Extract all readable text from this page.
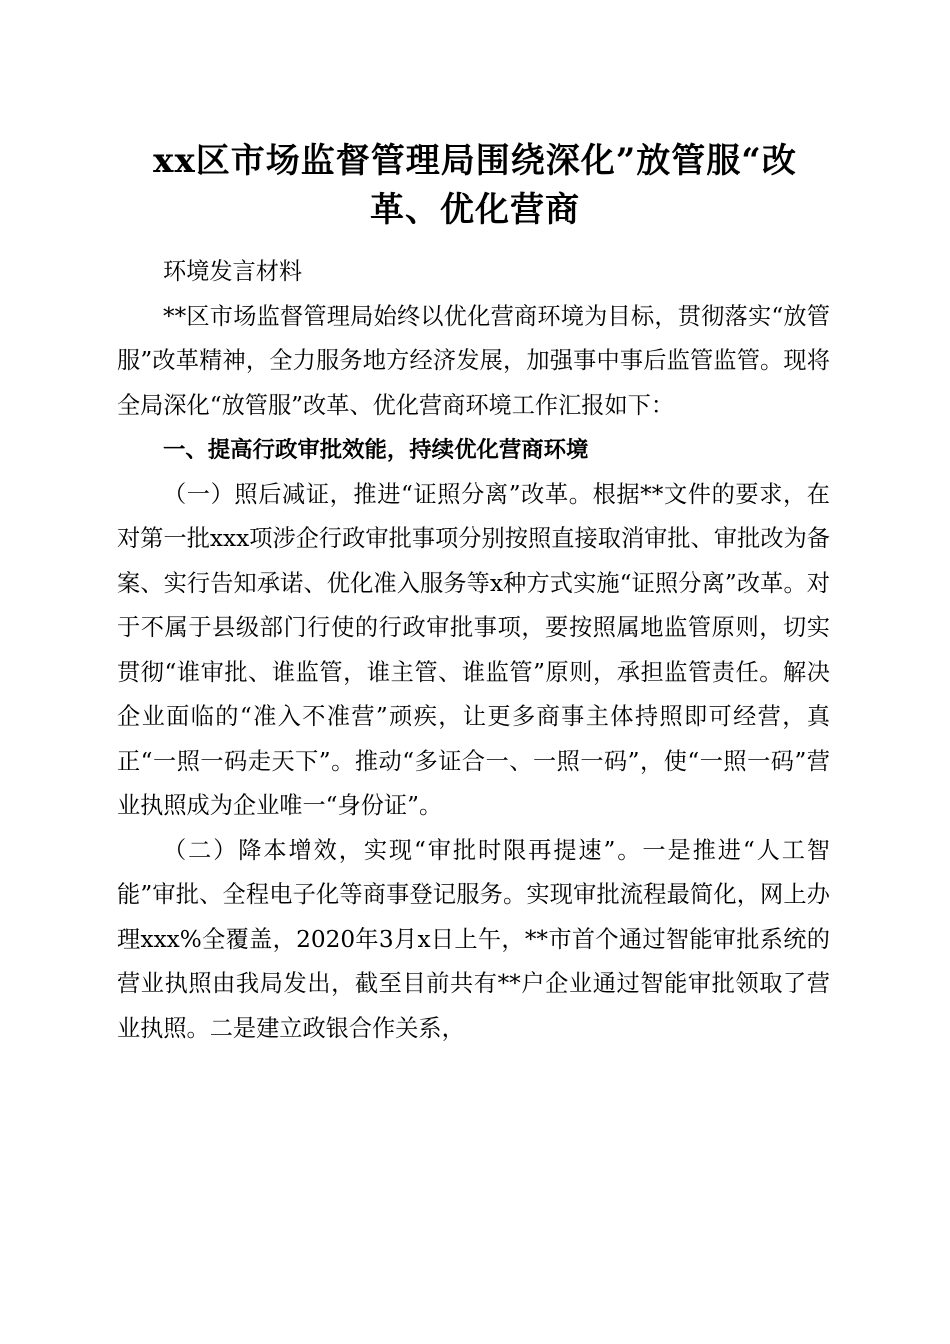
xx区市场监督管理局围绕深化”放管服“改革、优化营商

环境发言材料

**区市场监督管理局始终以优化营商环境为目标，贯彻落实“放管服”改革精神，全力服务地方经济发展，加强事中事后监管监管。现将全局深化“放管服”改革、优化营商环境工作汇报如下：

一、提高行政审批效能，持续优化营商环境

（一）照后减证，推进“证照分离”改革。根据**文件的要求，在对第一批xxx项涉企行政审批事项分别按照直接取消审批、审批改为备案、实行告知承诺、优化准入服务等x种方式实施“证照分离”改革。对于不属于县级部门行使的行政审批事项，要按照属地监管原则，切实贯彻“谁审批、谁监管，谁主管、谁监管”原则，承担监管责任。解决企业面临的“准入不准营”顽疾，让更多商事主体持照即可经营，真正“一照一码走天下”。推动“多证合一、一照一码”，使“一照一码”营业执照成为企业唯一“身份证”。

（二）降本增效，实现“审批时限再提速”。一是推进“人工智能”审批、全程电子化等商事登记服务。实现审批流程最简化，网上办理xxx%全覆盖，2020年3月x日上午，**市首个通过智能审批系统的营业执照由我局发出，截至目前共有**户企业通过智能审批领取了营业执照。二是建立政银合作关系，
